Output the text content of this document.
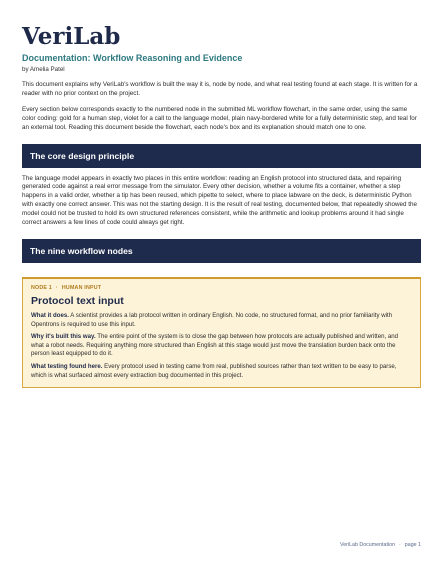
VeriLab
Documentation: Workflow Reasoning and Evidence
by Amelia Patel

This document explains why VeriLab's workflow is built the way it is, node by node, and what real testing found at each stage. It is written for a reader with no prior context on the project.

Every section below corresponds exactly to the numbered node in the submitted ML workflow flowchart, in the same order, using the same color coding: gold for a human step, violet for a call to the language model, plain navy-bordered white for a fully deterministic step, and teal for an external tool. Reading this document beside the flowchart, each node's box and its explanation should match one to one.

The core design principle

The language model appears in exactly two places in this entire workflow: reading an English protocol into structured data, and repairing generated code against a real error message from the simulator. Every other decision, whether a volume fits a container, whether a step happens in a valid order, whether a tip has been reused, which pipette to select, where to place labware on the deck, is deterministic Python with exactly one correct answer. This was not the starting design. It is the result of real testing, documented below, that repeatedly showed the model could not be trusted to hold its own structured references consistent, while the arithmetic and lookup problems around it had single correct answers a few lines of code could always get right.

The nine workflow nodes
NODE 1 · HUMAN INPUT
Protocol text input
What it does. A scientist provides a lab protocol written in ordinary English. No code, no structured format, and no prior familiarity with Opentrons is required to use this input.
Why it's built this way. The entire point of the system is to close the gap between how protocols are actually published and written, and what a robot needs. Requiring anything more structured than English at this stage would just move the translation burden back onto the person least equipped to do it.
What testing found here. Every protocol used in testing came from real, published sources rather than text written to be easy to parse, which is what surfaced almost every extraction bug documented in this project.
VeriLab Documentation · page 1
